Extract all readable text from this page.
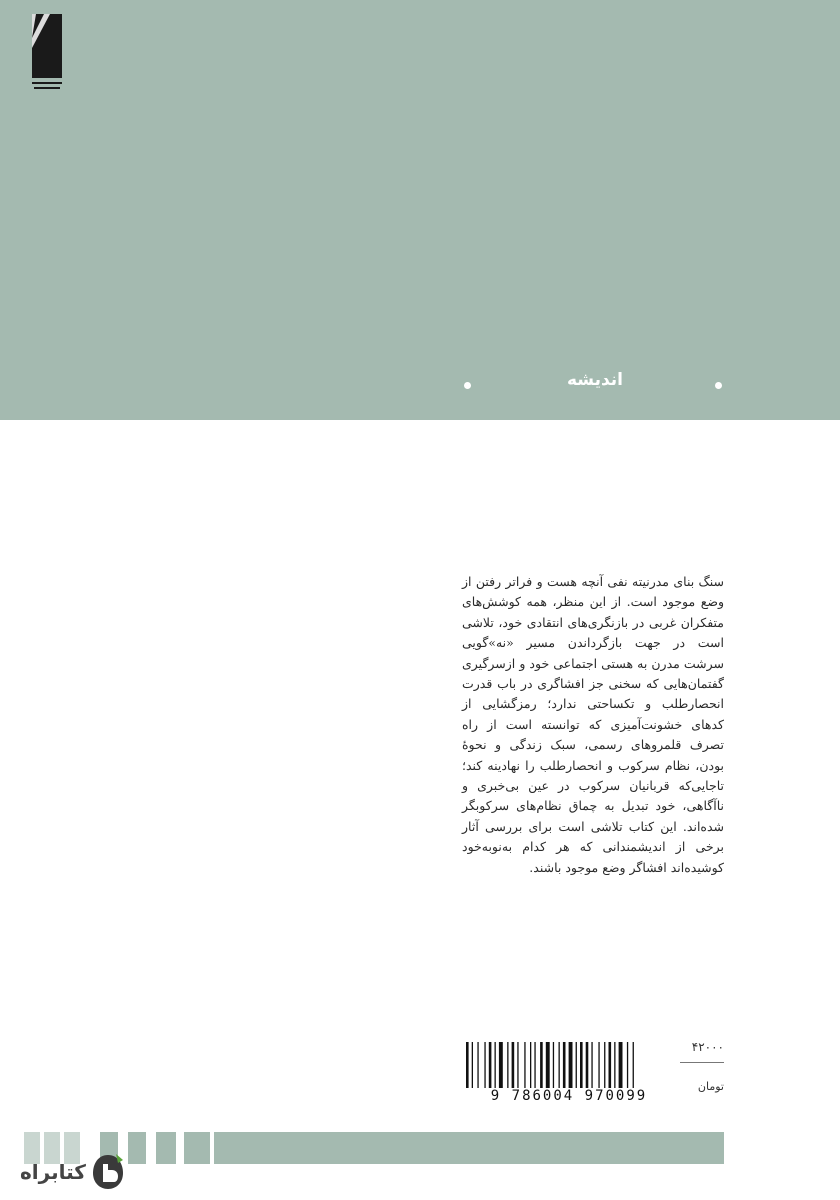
اندیشه

سنگ بنای مدرنیته نفی آنچه هست و فراتر رفتن از وضع موجود است. از این منظر، همه کوشش‌های متفکران غربی در بازنگری‌های انتقادی خود، تلاشی است در جهت بازگرداندن مسیر «نه»گویی سرشت مدرن به هستی اجتماعی خود و ازسرگیری گفتمان‌هایی که سخنی جز افشاگری در باب قدرت انحصارطلب و تکساحتی ندارد؛ رمزگشایی از کدهای خشونت‌آمیزی که توانسته است از راه تصرف قلمروهای رسمی، سبک زندگی و نحوهٔ بودن، نظام سرکوب و انحصارطلب را نهادینه کند؛ تاجایی‌که قربانیان سرکوب در عین بی‌خبری و ناآگاهی، خود تبدیل به چماق نظام‌های سرکوبگر شده‌اند. این کتاب تلاشی است برای بررسی آثار برخی از اندیشمندانی که هر کدام به‌نوبه‌خود کوشیده‌اند افشاگر وضع موجود باشند.

9 786004 970099
۴۲۰۰۰
تومان
کتابراه
